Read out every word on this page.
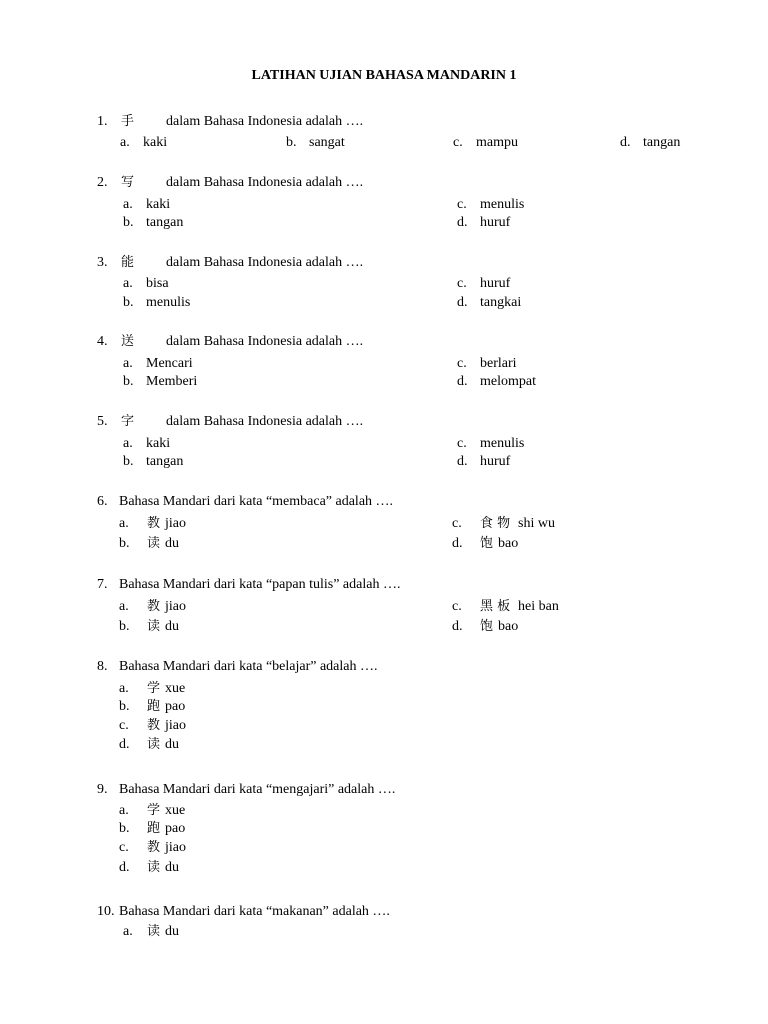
LATIHAN UJIAN BAHASA MANDARIN 1
1. 手 dalam Bahasa Indonesia adalah ….
a. kaki	b. sangat	c. mampu	d. tangan
2. 写 dalam Bahasa Indonesia adalah ….
a. kaki
b. tangan
c. menulis
d. huruf
3. 能 dalam Bahasa Indonesia adalah ….
a. bisa
b. menulis
c. huruf
d. tangkai
4. 送 dalam Bahasa Indonesia adalah ….
a. Mencari
b. Memberi
c. berlari
d. melompat
5. 字 dalam Bahasa Indonesia adalah ….
a. kaki
b. tangan
c. menulis
d. huruf
6. Bahasa Mandari dari kata “membaca” adalah ….
a. 教 jiao
b. 读 du
c. 食 物 shi wu
d. 饱 bao
7. Bahasa Mandari dari kata “papan tulis” adalah ….
a. 教 jiao
b. 读 du
c. 黑 板 hei ban
d. 饱 bao
8. Bahasa Mandari dari kata “belajar” adalah ….
a. 学 xue
b. 跑 pao
c. 教 jiao
d. 读 du
9. Bahasa Mandari dari kata “mengajari” adalah ….
a. 学 xue
b. 跑 pao
c. 教 jiao
d. 读 du
10. Bahasa Mandari dari kata “makanan” adalah ….
a. 读 du
